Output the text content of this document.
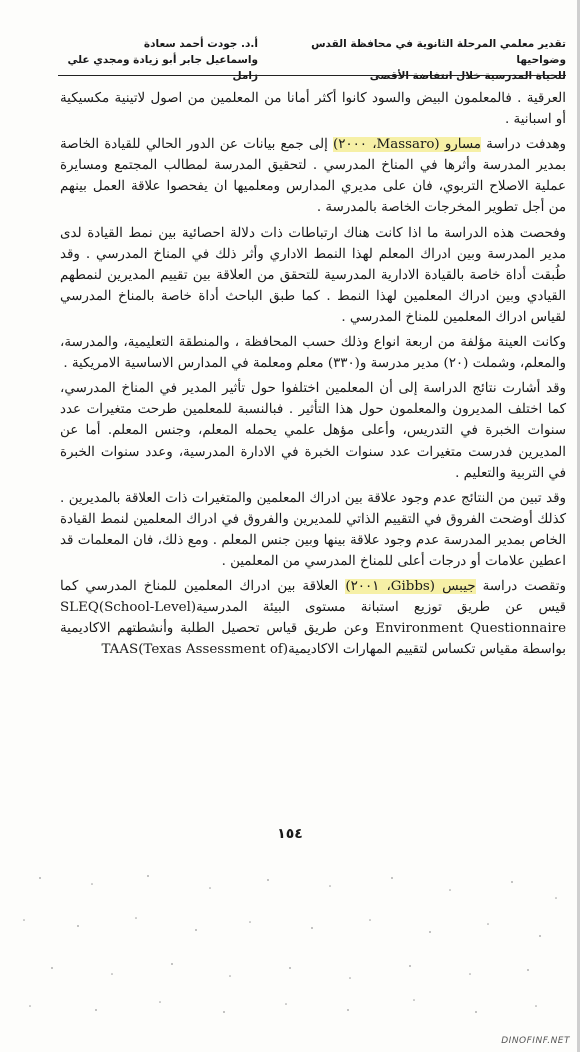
تقدير معلمي المرحلة الثانوية في محافظة القدس وضواحيها
للحياة المدرسية خلال انتفاضة الأقصى
أ.د. جودت أحمد سعادة
واسماعيل جابر أبو زيادة ومجدي علي زامل

العرقية . فالمعلمون البيض والسود كانوا أكثر أمانا من المعلمين من اصول لاتينية مكسيكية أو اسبانية .

وهدفت دراسة مسارو (Massaro، ٢٠٠٠) إلى جمع بيانات عن الدور الحالي للقيادة الخاصة بمدير المدرسة وأثرها في المناخ المدرسي . لتحقيق المدرسة لمطالب المجتمع ومسايرة عملية الاصلاح التربوي، فان على مديري المدارس ومعلميها ان يفحصوا علاقة العمل بينهم من أجل تطوير المخرجات الخاصة بالمدرسة .

وفحصت هذه الدراسة ما اذا كانت هناك ارتباطات ذات دلالة احصائية بين نمط القيادة لدى مدير المدرسة وبين ادراك المعلم لهذا النمط الاداري وأثر ذلك في المناخ المدرسي . وقد طُبقت أداة خاصة بالقيادة الادارية المدرسية للتحقق من العلاقة بين تقييم المديرين لنمطهم القيادي وبين ادراك المعلمين لهذا النمط . كما طبق الباحث أداة خاصة بالمناخ المدرسي لقياس ادراك المعلمين للمناخ المدرسي .

وكانت العينة مؤلفة من اربعة انواع وذلك حسب المحافظة ، والمنطقة التعليمية، والمدرسة، والمعلم، وشملت (٢٠) مدير مدرسة و(٣٣٠) معلم ومعلمة في المدارس الاساسية الامريكية .

وقد أشارت نتائج الدراسة إلى أن المعلمين اختلفوا حول تأثير المدير في المناخ المدرسي، كما اختلف المديرون والمعلمون حول هذا التأثير . فبالنسبة للمعلمين طرحت متغيرات عدد سنوات الخبرة في التدريس، وأعلى مؤهل علمي يحمله المعلم، وجنس المعلم. أما عن المديرين فدرست متغيرات عدد سنوات الخبرة في الادارة المدرسية، وعدد سنوات الخبرة في التربية والتعليم .

وقد تبين من النتائج عدم وجود علاقة بين ادراك المعلمين والمتغيرات ذات العلاقة بالمديرين . كذلك أوضحت الفروق في التقييم الذاتي للمديرين والفروق في ادراك المعلمين لنمط القيادة الخاص بمدير المدرسة عدم وجود علاقة بينها وبين جنس المعلم . ومع ذلك، فان المعلمات قد اعطين علامات أو درجات أعلى للمناخ المدرسي من المعلمين .

وتقصت دراسة جيبس (Gibbs، ٢٠٠١) العلاقة بين ادراك المعلمين للمناخ المدرسي كما قيس عن طريق توزيع استبانة مستوى البيئة المدرسية(School-Level)SLEQ Environment Questionnaire وعن طريق قياس تحصيل الطلبة وأنشطتهم الاكاديمية بواسطة مقياس تكساس لتقييم المهارات الاكاديمية(Texas Assessment of)TAAS

١٥٤
DINOFINF.NET
